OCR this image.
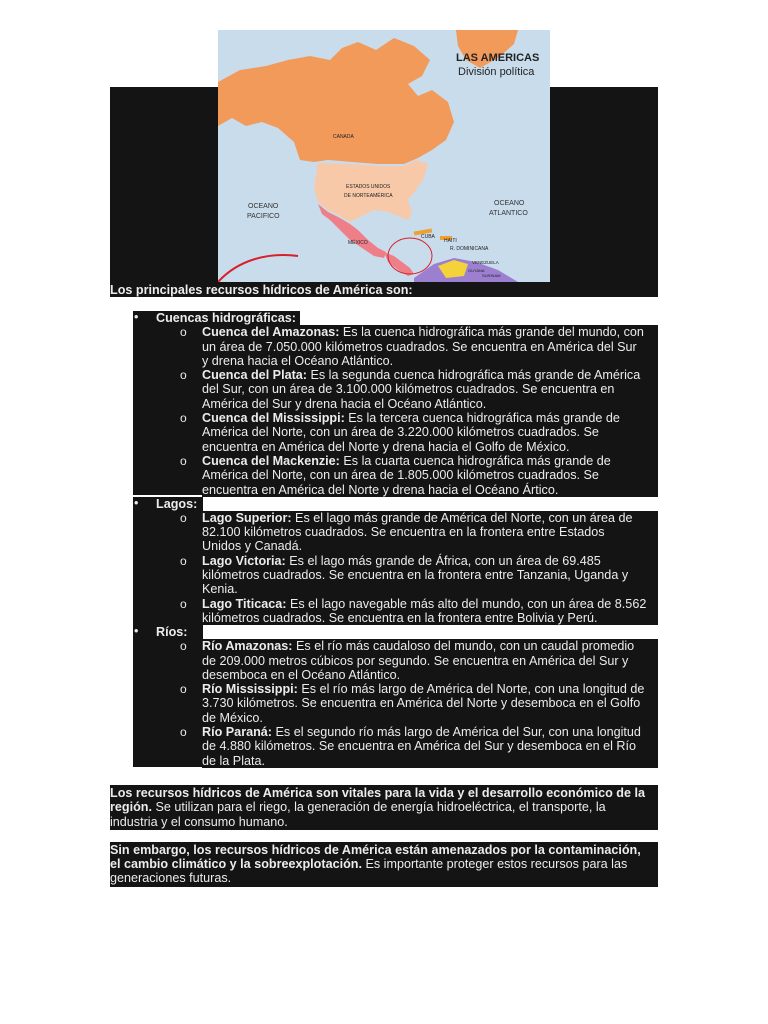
LAS AMERICAS
División política
CANADA
ESTADOS UNIDOS
DE NORTEAMÉRICA
OCEANO
PACIFICO
OCEANO
ATLANTICO
MÉXICO
CUBA
HAITI
R. DOMINICANA
VENEZUELA
GUYANA
SURINAM
Los principales recursos hídricos de América son:
• Cuencas hidrográficas:
o Cuenca del Amazonas: Es la cuenca hidrográfica más grande del mundo, con
un área de 7.050.000 kilómetros cuadrados. Se encuentra en América del Sur
y drena hacia el Océano Atlántico.
o Cuenca del Plata: Es la segunda cuenca hidrográfica más grande de América
del Sur, con un área de 3.100.000 kilómetros cuadrados. Se encuentra en
América del Sur y drena hacia el Océano Atlántico.
o Cuenca del Mississippi: Es la tercera cuenca hidrográfica más grande de
América del Norte, con un área de 3.220.000 kilómetros cuadrados. Se
encuentra en América del Norte y drena hacia el Golfo de México.
o Cuenca del Mackenzie: Es la cuarta cuenca hidrográfica más grande de
América del Norte, con un área de 1.805.000 kilómetros cuadrados. Se
encuentra en América del Norte y drena hacia el Océano Ártico.
• Lagos:
o Lago Superior: Es el lago más grande de América del Norte, con un área de
82.100 kilómetros cuadrados. Se encuentra en la frontera entre Estados
Unidos y Canadá.
o Lago Victoria: Es el lago más grande de África, con un área de 69.485
kilómetros cuadrados. Se encuentra en la frontera entre Tanzania, Uganda y
Kenia.
o Lago Titicaca: Es el lago navegable más alto del mundo, con un área de 8.562
kilómetros cuadrados. Se encuentra en la frontera entre Bolivia y Perú.
• Ríos:
o Río Amazonas: Es el río más caudaloso del mundo, con un caudal promedio
de 209.000 metros cúbicos por segundo. Se encuentra en América del Sur y
desemboca en el Océano Atlántico.
o Río Mississippi: Es el río más largo de América del Norte, con una longitud de
3.730 kilómetros. Se encuentra en América del Norte y desemboca en el Golfo
de México.
o Río Paraná: Es el segundo río más largo de América del Sur, con una longitud
de 4.880 kilómetros. Se encuentra en América del Sur y desemboca en el Río
de la Plata.
Los recursos hídricos de América son vitales para la vida y el desarrollo económico de la
región. Se utilizan para el riego, la generación de energía hidroeléctrica, el transporte, la
industria y el consumo humano.
Sin embargo, los recursos hídricos de América están amenazados por la contaminación,
el cambio climático y la sobreexplotación. Es importante proteger estos recursos para las
generaciones futuras.
